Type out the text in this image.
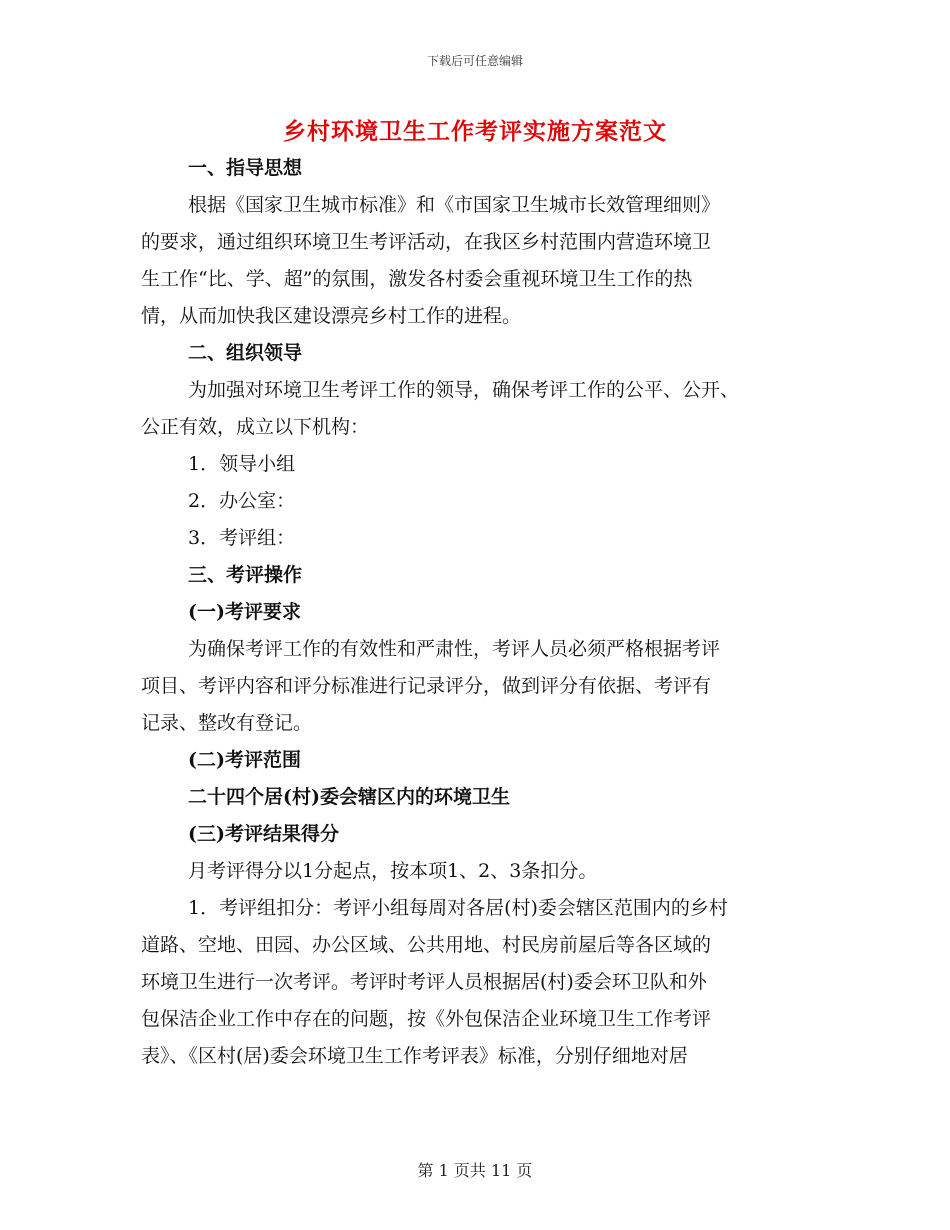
下载后可任意编辑
乡村环境卫生工作考评实施方案范文

一、指导思想

根据《国家卫生城市标准》和《市国家卫生城市长效管理细则》

的要求，通过组织环境卫生考评活动，在我区乡村范围内营造环境卫

生工作“比、学、超”的氛围，激发各村委会重视环境卫生工作的热

情，从而加快我区建设漂亮乡村工作的进程。

二、组织领导

为加强对环境卫生考评工作的领导，确保考评工作的公平、公开、

公正有效，成立以下机构：

1．领导小组

2．办公室：

3．考评组：

三、考评操作

(一)考评要求

为确保考评工作的有效性和严肃性，考评人员必须严格根据考评

项目、考评内容和评分标准进行记录评分，做到评分有依据、考评有

记录、整改有登记。

(二)考评范围

二十四个居(村)委会辖区内的环境卫生

(三)考评结果得分

月考评得分以1分起点，按本项1、2、3条扣分。

1．考评组扣分：考评小组每周对各居(村)委会辖区范围内的乡村

道路、空地、田园、办公区域、公共用地、村民房前屋后等各区域的

环境卫生进行一次考评。考评时考评人员根据居(村)委会环卫队和外

包保洁企业工作中存在的问题，按《外包保洁企业环境卫生工作考评

表》、《区村(居)委会环境卫生工作考评表》标准，分别仔细地对居

第 1 页共 11 页
